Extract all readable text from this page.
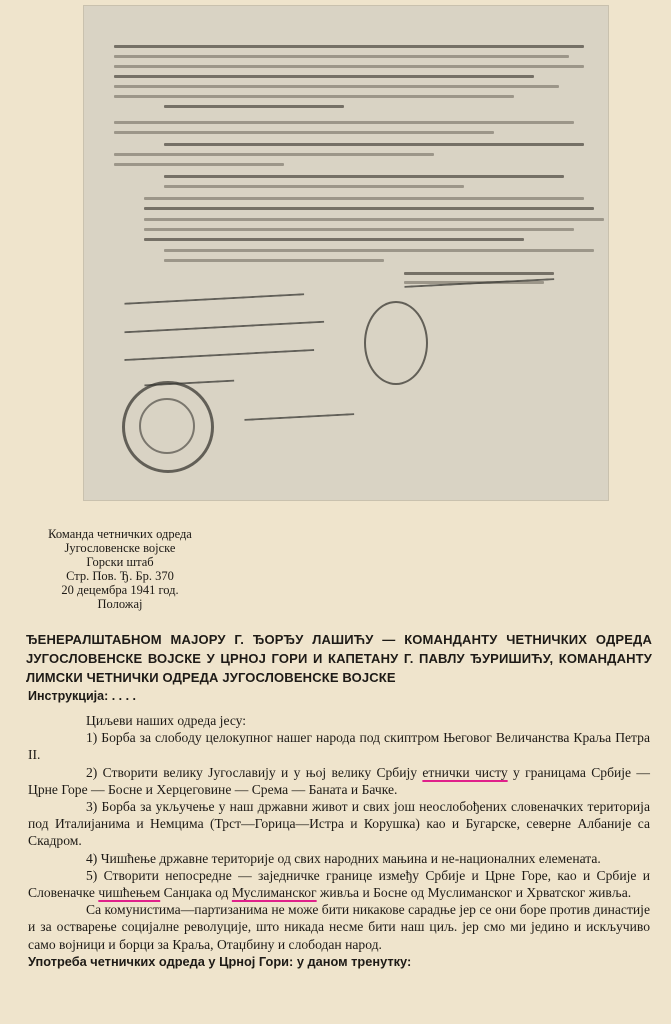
Команда четничких одреда
Југословенске војске
Горски штаб
Стр. Пов. Ђ. Бр. 370
20 децембра 1941 год.
Положај
ЂЕНЕРАЛШТАБНОМ МАЈОРУ Г. ЂОРЂУ ЛАШИЋУ — КОМАНДАНТУ ЧЕТНИЧКИХ ОДРЕДА ЈУГОСЛОВЕНСКЕ ВОЈСКЕ У ЦРНОЈ ГОРИ И КАПЕТАНУ Г. ПАВЛУ ЂУРИШИЋУ, КОМАНДАНТУ ЛИМСКИ ЧЕТНИЧКИ ОДРЕДА ЈУГОСЛОВЕНСКЕ ВОЈСКЕ
Инструкција: . . . .

Циљеви наших одреда јесу:

1) Борба за слободу целокупног нашег народа под скиптром Његовог Величанства Краља Петра II.

2) Створити велику Југославију и у њој велику Србију етнички чисту у границама Србије — Црне Горе — Босне и Херцеговине — Срема — Баната и Бачке.

3) Борба за укључење у наш државни живот и свих још неослобођених словеначких територија под Италијанима и Немцима (Трст—Горица—Истра и Корушка) као и Бугарске, северне Албаније са Скадром.

4) Чишћење државне територије од свих народних мањина и не-националних елемената.

5) Створити непосредне — заједничке границе између Србије и Црне Горе, као и Србије и Словеначке чишћењем Санџака од Муслиманског живља и Босне од Муслиманског и Хрватског живља.

Са комунистима—партизанима не може бити никакове сарадње јер се они боре против династије и за остварење социјалне револуције, што никада несме бити наш циљ. јер смо ми једино и искључиво само војници и борци за Краља, Отаџбину и слободан народ.

Употреба четничких одреда у Црној Гори: у даном тренутку:
